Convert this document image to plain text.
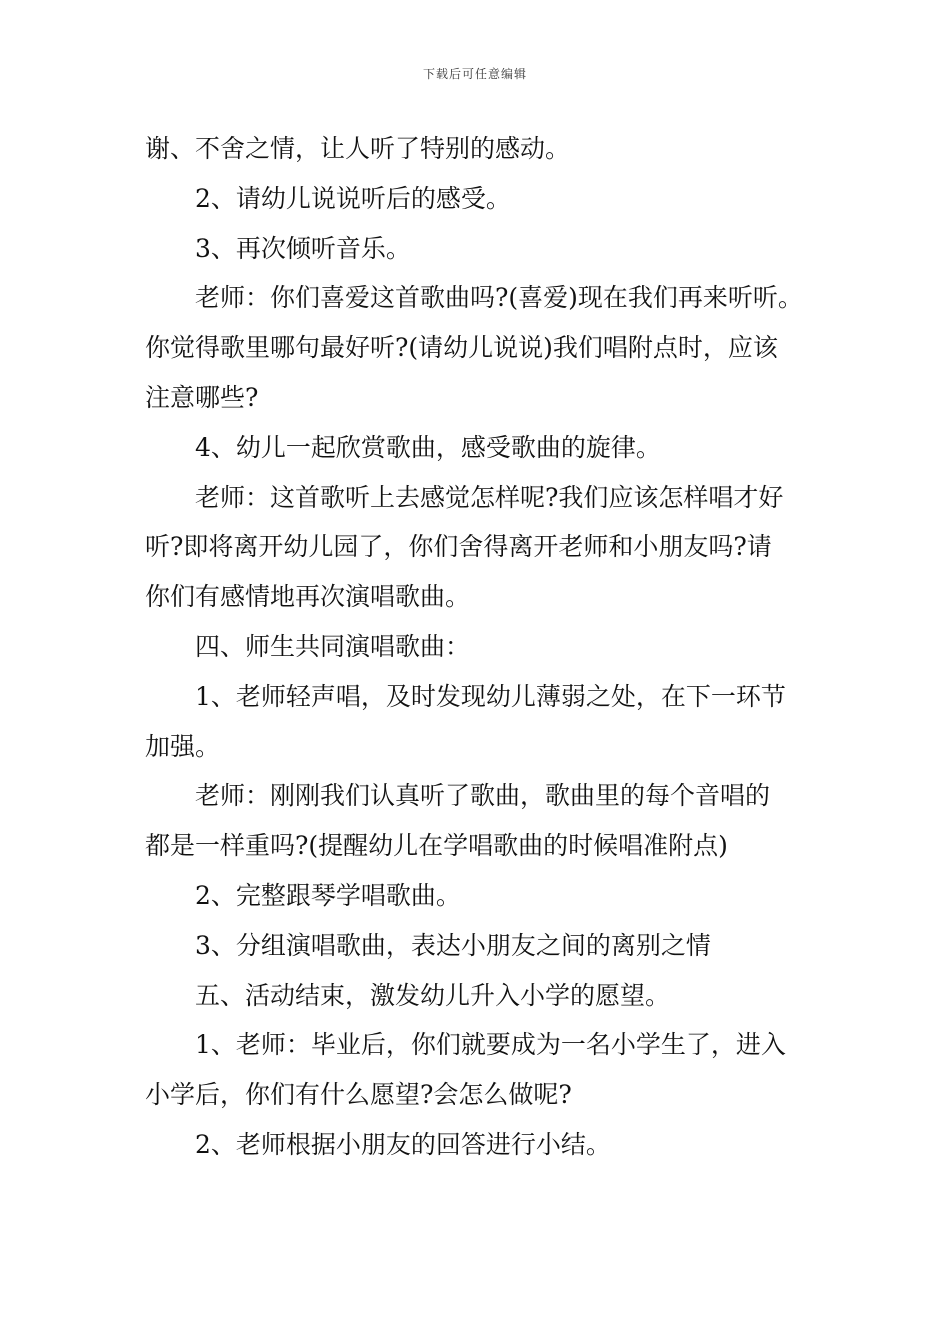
下载后可任意编辑
谢、不舍之情，让人听了特别的感动。
2、请幼儿说说听后的感受。
3、再次倾听音乐。
老师：你们喜爱这首歌曲吗?(喜爱)现在我们再来听听。
你觉得歌里哪句最好听?(请幼儿说说)我们唱附点时，应该
注意哪些?
4、幼儿一起欣赏歌曲，感受歌曲的旋律。
老师：这首歌听上去感觉怎样呢?我们应该怎样唱才好
听?即将离开幼儿园了，你们舍得离开老师和小朋友吗?请
你们有感情地再次演唱歌曲。
四、师生共同演唱歌曲：
1、老师轻声唱，及时发现幼儿薄弱之处，在下一环节
加强。
老师：刚刚我们认真听了歌曲，歌曲里的每个音唱的
都是一样重吗?(提醒幼儿在学唱歌曲的时候唱准附点)
2、完整跟琴学唱歌曲。
3、分组演唱歌曲，表达小朋友之间的离别之情
五、活动结束，激发幼儿升入小学的愿望。
1、老师：毕业后，你们就要成为一名小学生了，进入
小学后，你们有什么愿望?会怎么做呢?
2、老师根据小朋友的回答进行小结。
